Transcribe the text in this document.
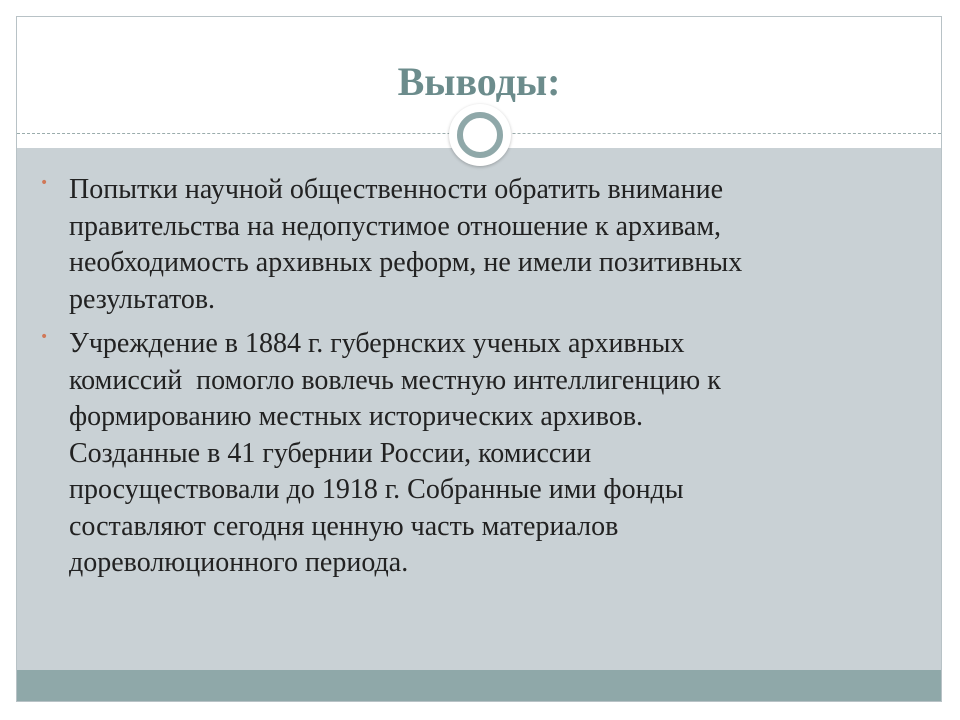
Выводы:
• Попытки научной общественности обратить внимание
правительства на недопустимое отношение к архивам,
необходимость архивных реформ, не имели позитивных
результатов.
• Учреждение в 1884 г. губернских ученых архивных
комиссий  помогло вовлечь местную интеллигенцию к
формированию местных исторических архивов.
Созданные в 41 губернии России, комиссии
просуществовали до 1918 г. Собранные ими фонды
составляют сегодня ценную часть материалов
дореволюционного периода.
